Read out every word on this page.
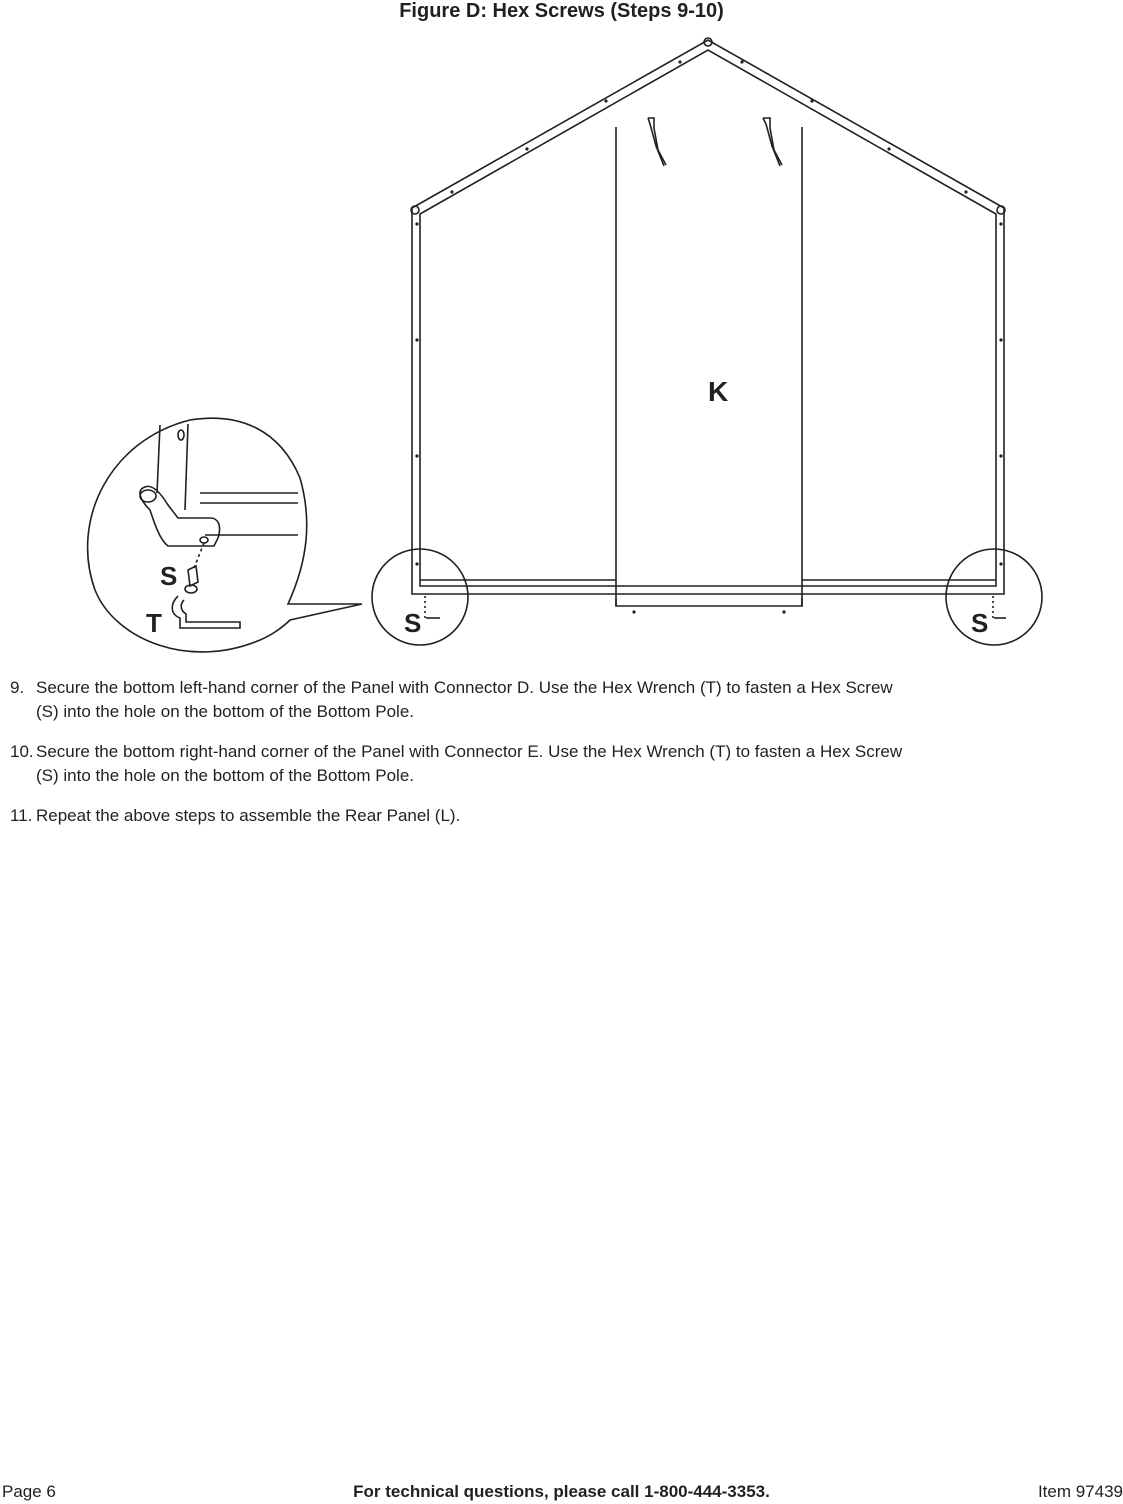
Figure D: Hex Screws (Steps 9-10)
K
S	S
S
T
9. Secure the bottom left-hand corner of the Panel with Connector D. Use the Hex Wrench (T) to fasten a Hex Screw (S) into the hole on the bottom of the Bottom Pole.
10. Secure the bottom right-hand corner of the Panel with Connector E. Use the Hex Wrench (T) to fasten a Hex Screw (S) into the hole on the bottom of the Bottom Pole.
11. Repeat the above steps to assemble the Rear Panel (L).
Page 6	For technical questions, please call 1-800-444-3353.	Item 97439
